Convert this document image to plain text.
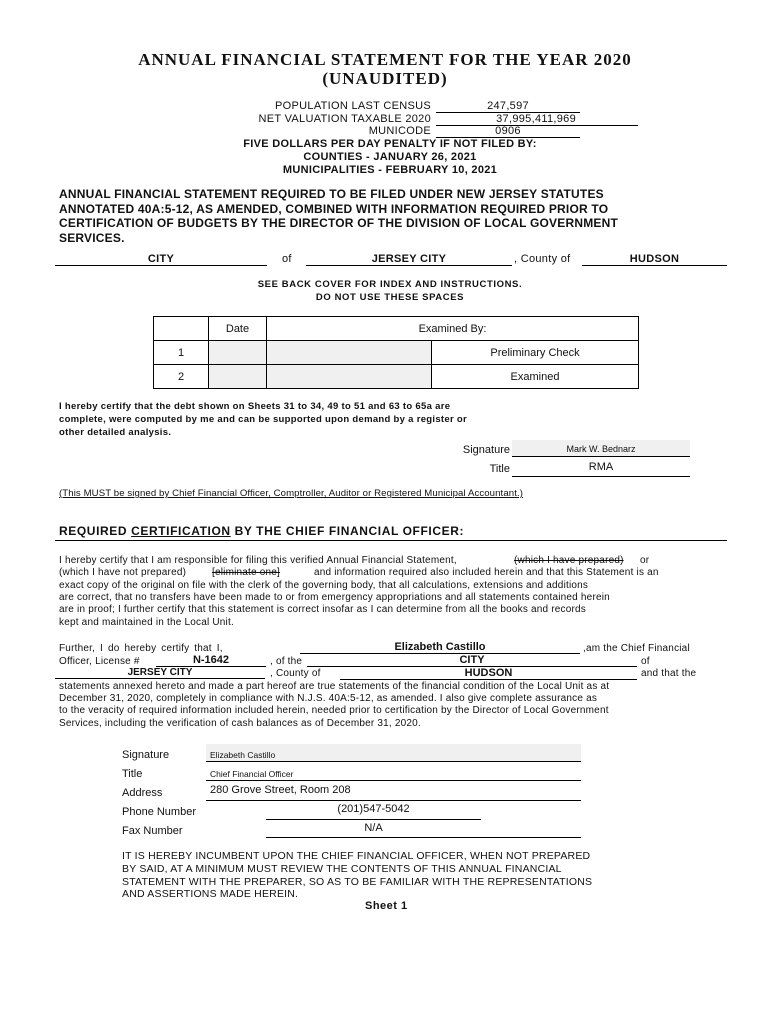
ANNUAL FINANCIAL STATEMENT FOR THE YEAR 2020
(UNAUDITED)
POPULATION LAST CENSUS	247,597
NET VALUATION TAXABLE 2020	37,995,411,969
MUNICODE	0906
FIVE DOLLARS PER DAY PENALTY IF NOT FILED BY:
COUNTIES - JANUARY 26, 2021
MUNICIPALITIES - FEBRUARY 10, 2021
ANNUAL FINANCIAL STATEMENT REQUIRED TO BE FILED UNDER NEW JERSEY STATUTES
ANNOTATED 40A:5-12, AS AMENDED, COMBINED WITH INFORMATION REQUIRED PRIOR TO
CERTIFICATION OF BUDGETS BY THE DIRECTOR OF THE DIVISION OF LOCAL GOVERNMENT
SERVICES.
CITY	of	JERSEY CITY	, County of	HUDSON
SEE BACK COVER FOR INDEX AND INSTRUCTIONS.
DO NOT USE THESE SPACES
	Date	Examined By:	
1			Preliminary Check
2			Examined
I hereby certify that the debt shown on Sheets 31 to 34, 49 to 51 and 63 to 65a are
complete, were computed by me and can be supported upon demand by a register or
other detailed analysis.
Signature	Mark W. Bednarz
Title	RMA
(This MUST be signed by Chief Financial Officer, Comptroller, Auditor or Registered Municipal Accountant.)
REQUIRED CERTIFICATION BY THE CHIEF FINANCIAL OFFICER:
I hereby certify that I am responsible for filing this verified Annual Financial Statement,	(which I have prepared) or
(which I have not prepared)	[eliminate one]	and information required also included herein and that this Statement is an
exact copy of the original on file with the clerk of the governing body, that all calculations, extensions and additions
are correct, that no transfers have been made to or from emergency appropriations and all statements contained herein
are in proof; I further certify that this statement is correct insofar as I can determine from all the books and records
kept and maintained in the Local Unit.
Further, I do hereby certify that I,	Elizabeth Castillo	,am the Chief Financial
Officer, License #	N-1642	, of the	CITY	of
JERSEY CITY	, County of	HUDSON	and that the
statements annexed hereto and made a part hereof are true statements of the financial condition of the Local Unit as at
December 31, 2020, completely in compliance with N.J.S. 40A:5-12, as amended. I also give complete assurance as
to the veracity of required information included herein, needed prior to certification by the Director of Local Government
Services, including the verification of cash balances as of December 31, 2020.
Signature	Elizabeth Castillo
Title	Chief Financial Officer
Address	280 Grove Street, Room 208
Phone Number	(201)547-5042
Fax Number	N/A
IT IS HEREBY INCUMBENT UPON THE CHIEF FINANCIAL OFFICER, WHEN NOT PREPARED
BY SAID, AT A MINIMUM MUST REVIEW THE CONTENTS OF THIS ANNUAL FINANCIAL
STATEMENT WITH THE PREPARER, SO AS TO BE FAMILIAR WITH THE REPRESENTATIONS
AND ASSERTIONS MADE HEREIN.
Sheet 1
